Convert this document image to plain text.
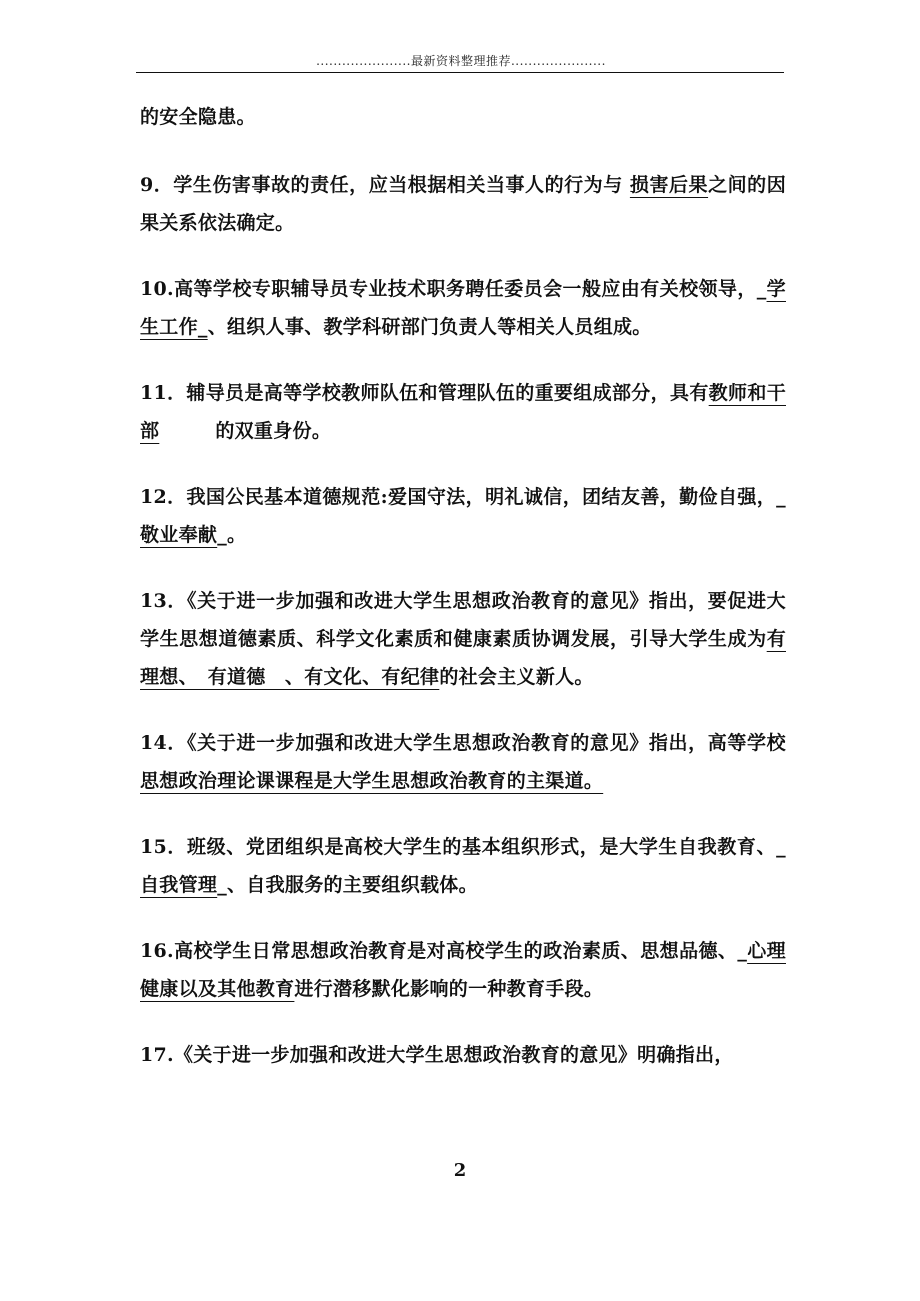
......................最新资料整理推荐......................

的安全隐患。

9．学生伤害事故的责任，应当根据相关当事人的行为与 损害后果之间的因果关系依法确定。

10.高等学校专职辅导员专业技术职务聘任委员会一般应由有关校领导，_学生工作_、组织人事、教学科研部门负责人等相关人员组成。

11．辅导员是高等学校教师队伍和管理队伍的重要组成部分，具有教师和干部	的双重身份。

12．我国公民基本道德规范:爱国守法，明礼诚信，团结友善，勤俭自强，_敬业奉献_。

13．《关于进一步加强和改进大学生思想政治教育的意见》指出，要促进大学生思想道德素质、科学文化素质和健康素质协调发展，引导大学生成为有理想、　有道德　、有文化、有纪律的社会主义新人。

14．《关于进一步加强和改进大学生思想政治教育的意见》指出，高等学校思想政治理论课课程是大学生思想政治教育的主渠道。

15．班级、党团组织是高校大学生的基本组织形式，是大学生自我教育、_自我管理_、自我服务的主要组织载体。

16.高校学生日常思想政治教育是对高校学生的政治素质、思想品德、_心理健康以及其他教育进行潜移默化影响的一种教育手段。

17.《关于进一步加强和改进大学生思想政治教育的意见》明确指出，

2
